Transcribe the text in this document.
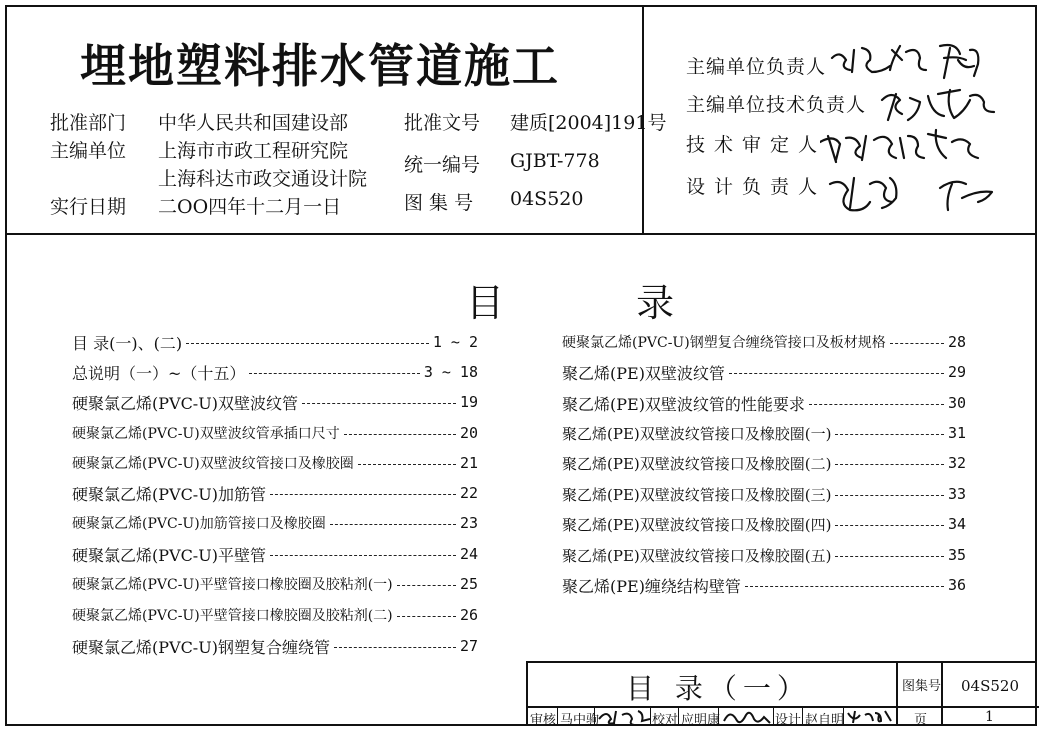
埋地塑料排水管道施工
批准部门 中华人民共和国建设部
主编单位 上海市市政工程研究院
上海科达市政交通设计院
实行日期 二OO四年十二月一日
批准文号 建质[2004]191号
统一编号 GJBT-778
图 集 号 04S520
主编单位负责人
主编单位技术负责人
技术审定人
设计负责人
目 录
目 录(一)、(二)	1 ~ 2
总说明（一）~（十五）	3 ~ 18
硬聚氯乙烯(PVC-U)双壁波纹管	19
硬聚氯乙烯(PVC-U)双壁波纹管承插口尺寸	20
硬聚氯乙烯(PVC-U)双壁波纹管接口及橡胶圈	21
硬聚氯乙烯(PVC-U)加筋管	22
硬聚氯乙烯(PVC-U)加筋管接口及橡胶圈	23
硬聚氯乙烯(PVC-U)平壁管	24
硬聚氯乙烯(PVC-U)平壁管接口橡胶圈及胶粘剂(一)	25
硬聚氯乙烯(PVC-U)平壁管接口橡胶圈及胶粘剂(二)	26
硬聚氯乙烯(PVC-U)钢塑复合缠绕管	27
硬聚氯乙烯(PVC-U)钢塑复合缠绕管接口及板材规格	28
聚乙烯(PE)双壁波纹管	29
聚乙烯(PE)双壁波纹管的性能要求	30
聚乙烯(PE)双壁波纹管接口及橡胶圈(一)	31
聚乙烯(PE)双壁波纹管接口及橡胶圈(二)	32
聚乙烯(PE)双壁波纹管接口及橡胶圈(三)	33
聚乙烯(PE)双壁波纹管接口及橡胶圈(四)	34
聚乙烯(PE)双壁波纹管接口及橡胶圈(五)	35
聚乙烯(PE)缠绕结构壁管	36
目 录（一）	图集号 04S520
审核 马中驹	校对 应明康	设计 赵自明	页	1
